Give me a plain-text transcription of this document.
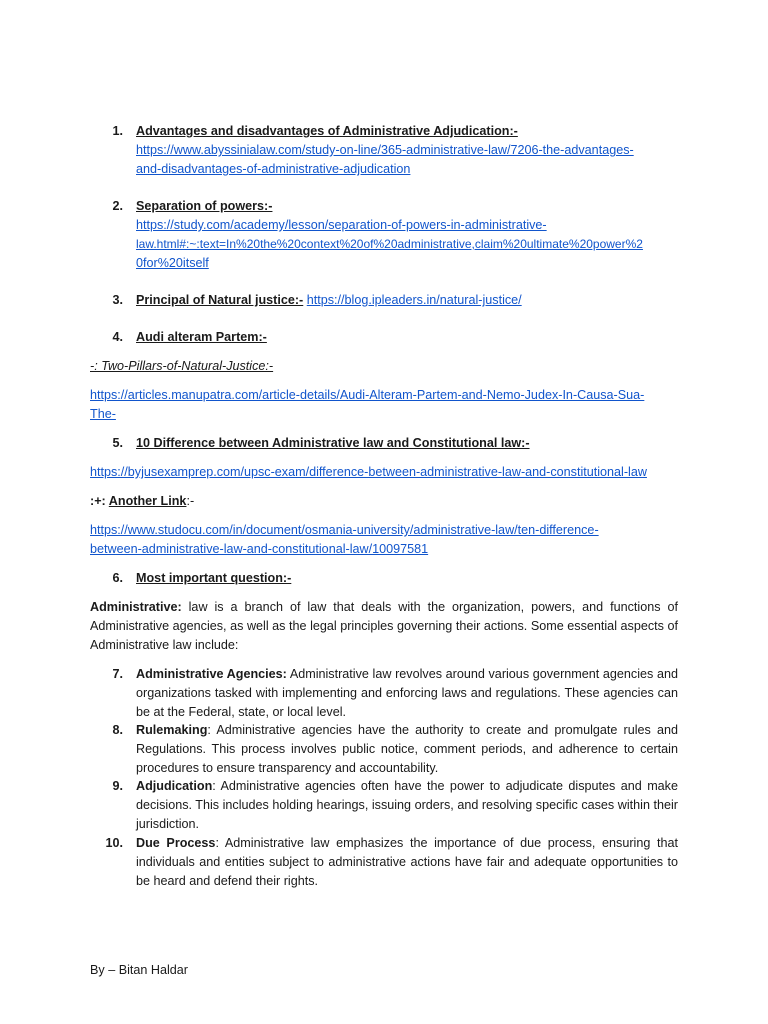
1. Advantages and disadvantages of Administrative Adjudication:-
https://www.abyssinialaw.com/study-on-line/365-administrative-law/7206-the-advantages-
and-disadvantages-of-administrative-adjudication
2. Separation of powers:-
https://study.com/academy/lesson/separation-of-powers-in-administrative-
law.html#:~:text=In%20the%20context%20of%20administrative,claim%20ultimate%20power%2
0for%20itself
3. Principal of Natural justice:- https://blog.ipleaders.in/natural-justice/
4. Audi alteram Partem:-
-: Two-Pillars-of-Natural-Justice:-
https://articles.manupatra.com/article-details/Audi-Alteram-Partem-and-Nemo-Judex-In-Causa-Sua-
The-
5. 10 Difference between Administrative law and Constitutional law:-
https://byjusexamprep.com/upsc-exam/difference-between-administrative-law-and-constitutional-law
:+: Another Link:-
https://www.studocu.com/in/document/osmania-university/administrative-law/ten-difference-
between-administrative-law-and-constitutional-law/10097581
6. Most important question:-
Administrative: law is a branch of law that deals with the organization, powers, and functions of Administrative agencies, as well as the legal principles governing their actions. Some essential aspects of Administrative law include:
7. Administrative Agencies: Administrative law revolves around various government agencies and organizations tasked with implementing and enforcing laws and regulations. These agencies can be at the Federal, state, or local level.
8. Rulemaking: Administrative agencies have the authority to create and promulgate rules and Regulations. This process involves public notice, comment periods, and adherence to certain procedures to ensure transparency and accountability.
9. Adjudication: Administrative agencies often have the power to adjudicate disputes and make decisions. This includes holding hearings, issuing orders, and resolving specific cases within their jurisdiction.
10. Due Process: Administrative law emphasizes the importance of due process, ensuring that individuals and entities subject to administrative actions have fair and adequate opportunities to be heard and defend their rights.
By – Bitan Haldar
